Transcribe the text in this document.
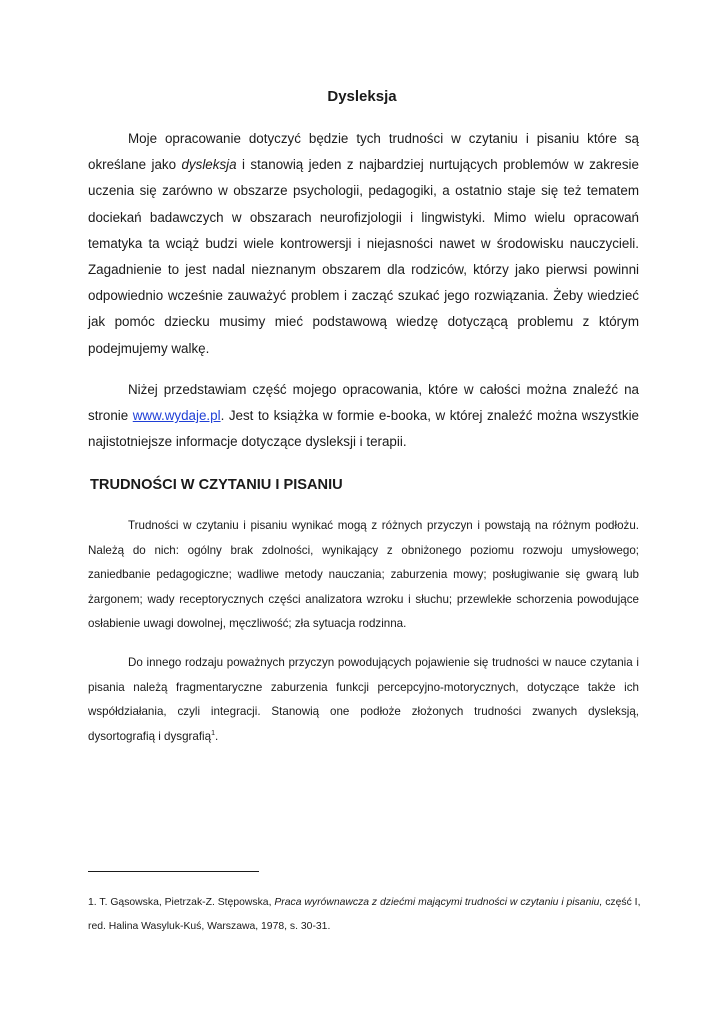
Dysleksja

Moje opracowanie dotyczyć będzie tych trudności w czytaniu i pisaniu które są określane jako dysleksja i stanowią jeden z najbardziej nurtujących problemów w zakresie uczenia się zarówno w obszarze psychologii, pedagogiki, a ostatnio staje się też tematem dociekań badawczych w obszarach neurofizjologii i lingwistyki. Mimo wielu opracowań tematyka ta wciąż budzi wiele kontrowersji i niejasności nawet w środowisku nauczycieli. Zagadnienie to jest nadal nieznanym obszarem dla rodziców, którzy jako pierwsi powinni odpowiednio wcześnie zauważyć problem i zacząć szukać jego rozwiązania. Żeby wiedzieć jak pomóc dziecku musimy mieć podstawową wiedzę dotyczącą problemu z którym podejmujemy walkę.

Niżej przedstawiam część mojego opracowania, które w całości można znaleźć na stronie www.wydaje.pl. Jest to książka w formie e-booka, w której znaleźć można wszystkie najistotniejsze informacje dotyczące dysleksji i terapii.

TRUDNOŚCI W CZYTANIU I PISANIU

Trudności w czytaniu i pisaniu wynikać mogą z różnych przyczyn i powstają na różnym podłożu. Należą do nich: ogólny brak zdolności, wynikający z obniżonego poziomu rozwoju umysłowego; zaniedbanie pedagogiczne; wadliwe metody nauczania; zaburzenia mowy; posługiwanie się gwarą lub żargonem; wady receptorycznych części analizatora wzroku i słuchu; przewlekłe schorzenia powodujące osłabienie uwagi dowolnej, męczliwość; zła sytuacja rodzinna.

Do innego rodzaju poważnych przyczyn powodujących pojawienie się trudności w nauce czytania i pisania należą fragmentaryczne zaburzenia funkcji percepcyjno-motorycznych, dotyczące także ich współdziałania, czyli integracji. Stanowią one podłoże złożonych trudności zwanych dysleksją, dysortografią i dysgrafią$^1$.

1. T. Gąsowska, Pietrzak-Z. Stępowska, Praca wyrównawcza z dziećmi mającymi trudności w czytaniu i pisaniu, część I, red. Halina Wasyluk-Kuś, Warszawa, 1978, s. 30-31.
